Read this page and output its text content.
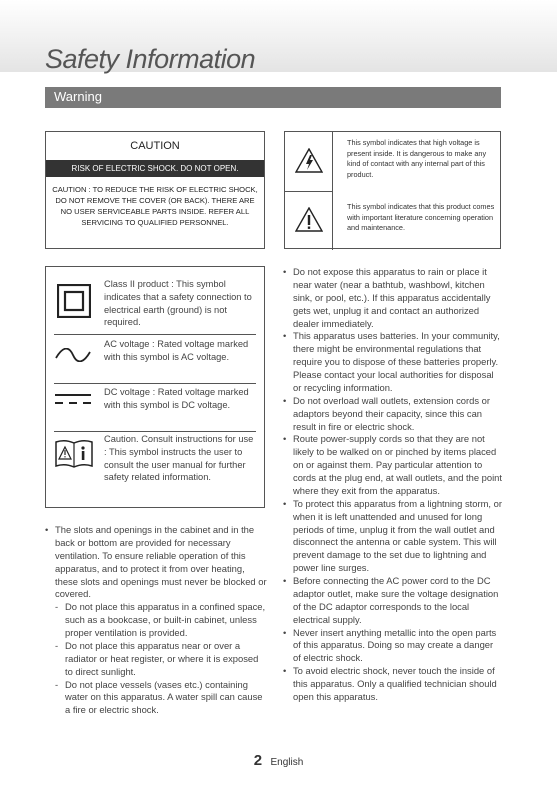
Safety Information
Warning
CAUTION
RISK OF ELECTRIC SHOCK. DO NOT OPEN.
CAUTION : TO REDUCE THE RISK OF ELECTRIC SHOCK, DO NOT REMOVE THE COVER (OR BACK). THERE ARE NO USER SERVICEABLE PARTS INSIDE. REFER ALL SERVICING TO QUALIFIED PERSONNEL.
This symbol indicates that high voltage is present inside. It is dangerous to make any kind of contact with any internal part of this product.
This symbol indicates that this product comes with important literature concerning operation and maintenance.
Class II product : This symbol indicates that a safety connection to electrical earth (ground) is not required.
AC voltage : Rated voltage marked with this symbol is AC voltage.
DC voltage : Rated voltage marked with this symbol is DC voltage.
Caution. Consult instructions for use : This symbol instructs the user to consult the user manual for further safety related information.
• The slots and openings in the cabinet and in the back or bottom are provided for necessary ventilation. To ensure reliable operation of this apparatus, and to protect it from over heating, these slots and openings must never be blocked or covered.
- Do not place this apparatus in a confined space, such as a bookcase, or built-in cabinet, unless proper ventilation is provided.
- Do not place this apparatus near or over a radiator or heat register, or where it is exposed to direct sunlight.
- Do not place vessels (vases etc.) containing water on this apparatus. A water spill can cause a fire or electric shock.
• Do not expose this apparatus to rain or place it near water (near a bathtub, washbowl, kitchen sink, or pool, etc.). If this apparatus accidentally gets wet, unplug it and contact an authorized dealer immediately.
• This apparatus uses batteries. In your community, there might be environmental regulations that require you to dispose of these batteries properly. Please contact your local authorities for disposal or recycling information.
• Do not overload wall outlets, extension cords or adaptors beyond their capacity, since this can result in fire or electric shock.
• Route power-supply cords so that they are not likely to be walked on or pinched by items placed on or against them. Pay particular attention to cords at the plug end, at wall outlets, and the point where they exit from the apparatus.
• To protect this apparatus from a lightning storm, or when it is left unattended and unused for long periods of time, unplug it from the wall outlet and disconnect the antenna or cable system. This will prevent damage to the set due to lightning and power line surges.
• Before connecting the AC power cord to the DC adaptor outlet, make sure the voltage designation of the DC adaptor corresponds to the local electrical supply.
• Never insert anything metallic into the open parts of this apparatus. Doing so may create a danger of electric shock.
• To avoid electric shock, never touch the inside of this apparatus. Only a qualified technician should open this apparatus.
2 English
